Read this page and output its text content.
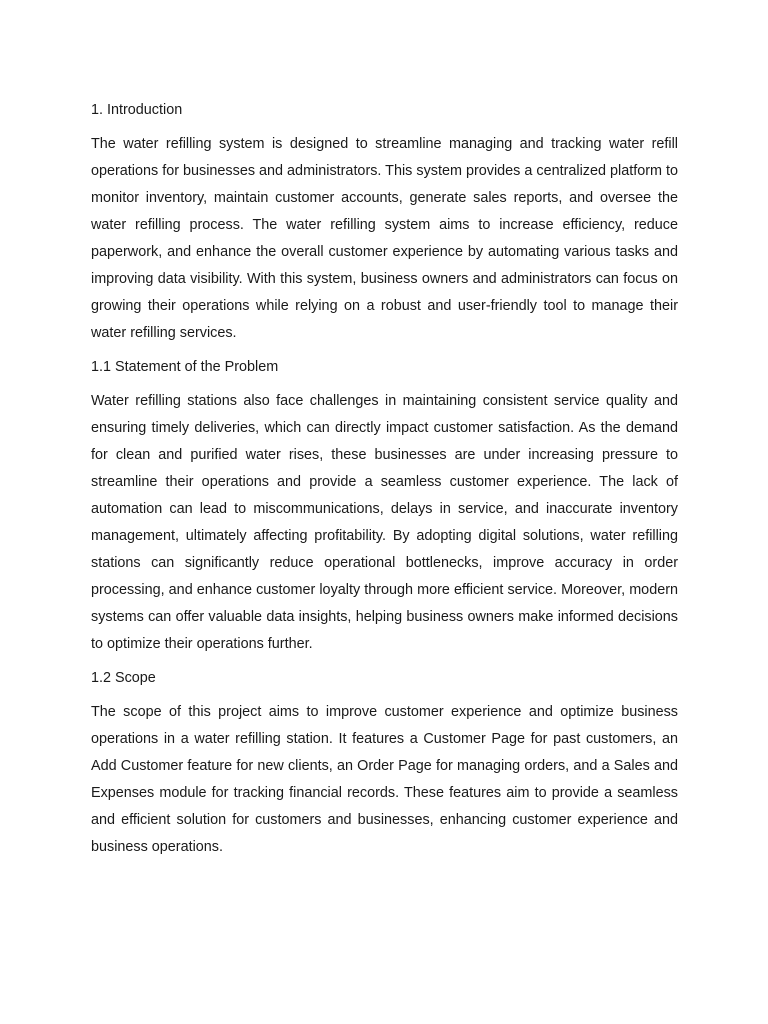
1. Introduction
The water refilling system is designed to streamline managing and tracking water refill operations for businesses and administrators. This system provides a centralized platform to monitor inventory, maintain customer accounts, generate sales reports, and oversee the water refilling process. The water refilling system aims to increase efficiency, reduce paperwork, and enhance the overall customer experience by automating various tasks and improving data visibility. With this system, business owners and administrators can focus on growing their operations while relying on a robust and user-friendly tool to manage their water refilling services.
1.1 Statement of the Problem
Water refilling stations also face challenges in maintaining consistent service quality and ensuring timely deliveries, which can directly impact customer satisfaction. As the demand for clean and purified water rises, these businesses are under increasing pressure to streamline their operations and provide a seamless customer experience. The lack of automation can lead to miscommunications, delays in service, and inaccurate inventory management, ultimately affecting profitability. By adopting digital solutions, water refilling stations can significantly reduce operational bottlenecks, improve accuracy in order processing, and enhance customer loyalty through more efficient service. Moreover, modern systems can offer valuable data insights, helping business owners make informed decisions to optimize their operations further.
1.2 Scope
The scope of this project aims to improve customer experience and optimize business operations in a water refilling station. It features a Customer Page for past customers, an Add Customer feature for new clients, an Order Page for managing orders, and a Sales and Expenses module for tracking financial records. These features aim to provide a seamless and efficient solution for customers and businesses, enhancing customer experience and business operations.
